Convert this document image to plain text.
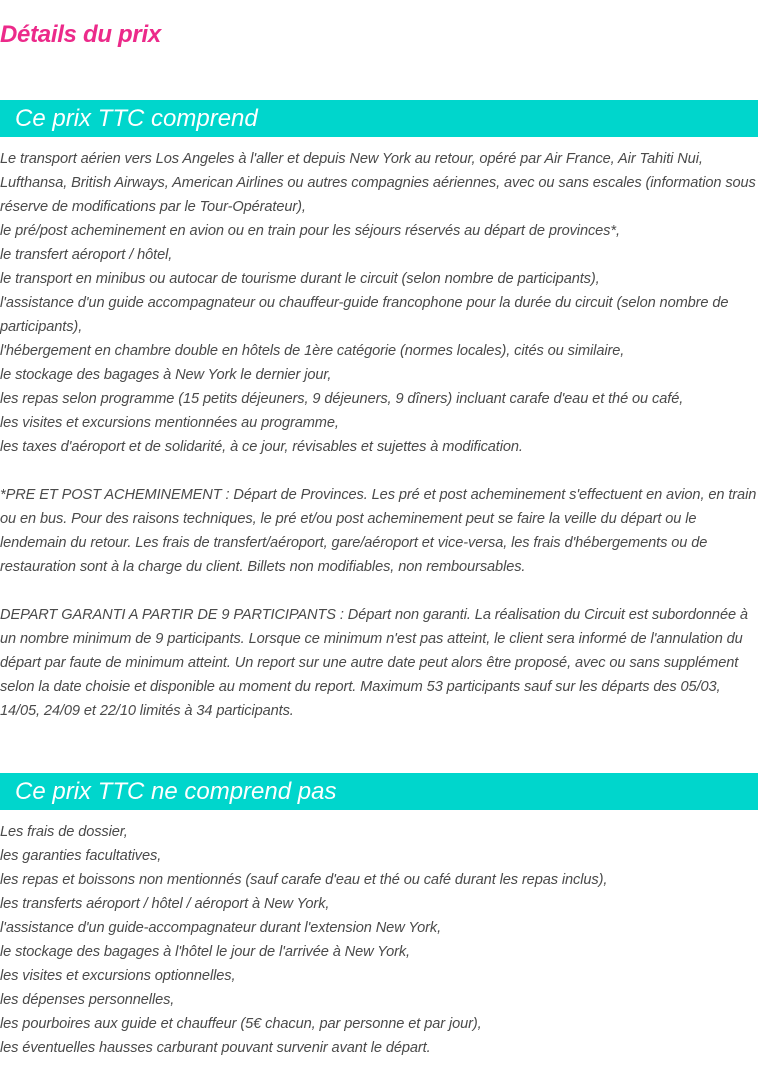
Détails du prix
Ce prix TTC comprend
Le transport aérien vers Los Angeles à l'aller et depuis New York au retour, opéré par Air France, Air Tahiti Nui, Lufthansa, British Airways, American Airlines ou autres compagnies aériennes, avec ou sans escales (information sous réserve de modifications par le Tour-Opérateur),
le pré/post acheminement en avion ou en train pour les séjours réservés au départ de provinces*,
le transfert aéroport / hôtel,
le transport en minibus ou autocar de tourisme durant le circuit (selon nombre de participants),
l'assistance d'un guide accompagnateur ou chauffeur-guide francophone pour la durée du circuit (selon nombre de participants),
l'hébergement en chambre double en hôtels de 1ère catégorie (normes locales), cités ou similaire,
le stockage des bagages à New York le dernier jour,
les repas selon programme (15 petits déjeuners, 9 déjeuners, 9 dîners) incluant carafe d'eau et thé ou café,
les visites et excursions mentionnées au programme,
les taxes d'aéroport et de solidarité, à ce jour, révisables et sujettes à modification.
*PRE ET POST ACHEMINEMENT : Départ de Provinces. Les pré et post acheminement s'effectuent en avion, en train ou en bus. Pour des raisons techniques, le pré et/ou post acheminement peut se faire la veille du départ ou le lendemain du retour. Les frais de transfert/aéroport, gare/aéroport et vice-versa, les frais d'hébergements ou de restauration sont à la charge du client. Billets non modifiables, non remboursables.
DEPART GARANTI A PARTIR DE 9 PARTICIPANTS : Départ non garanti. La réalisation du Circuit est subordonnée à un nombre minimum de 9 participants. Lorsque ce minimum n'est pas atteint, le client sera informé de l'annulation du départ par faute de minimum atteint. Un report sur une autre date peut alors être proposé, avec ou sans supplément selon la date choisie et disponible au moment du report. Maximum 53 participants sauf sur les départs des 05/03, 14/05, 24/09 et 22/10 limités à 34 participants.
Ce prix TTC ne comprend pas
Les frais de dossier,
les garanties facultatives,
les repas et boissons non mentionnés (sauf carafe d'eau et thé ou café durant les repas inclus),
les transferts aéroport / hôtel / aéroport à New York,
l'assistance d'un guide-accompagnateur durant l'extension New York,
le stockage des bagages à l'hôtel le jour de l'arrivée à New York,
les visites et excursions optionnelles,
les dépenses personnelles,
les pourboires aux guide et chauffeur (5€ chacun, par personne et par jour),
les éventuelles hausses carburant pouvant survenir avant le départ.
